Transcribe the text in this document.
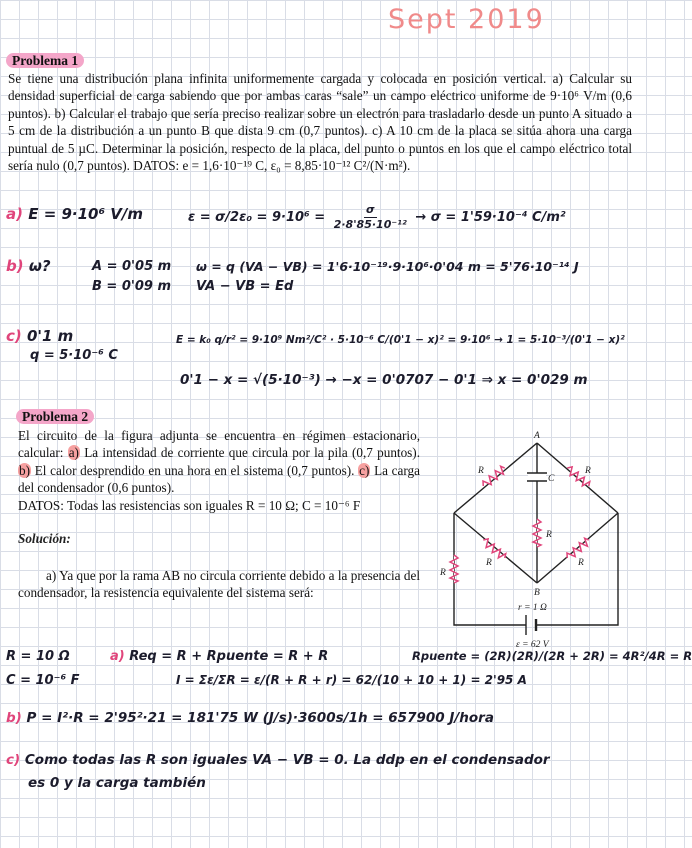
Sept 2019
Problema 1
Se tiene una distribución plana infinita uniformemente cargada y colocada en posición vertical. a) Calcular su densidad superficial de carga sabiendo que por ambas caras “sale” un campo eléctrico uniforme de 9·10⁶ V/m (0,6 puntos). b) Calcular el trabajo que sería preciso realizar sobre un electrón para trasladarlo desde un punto A situado a 5 cm de la distribución a un punto B que dista 9 cm (0,7 puntos). c) A 10 cm de la placa se sitúa ahora una carga puntual de 5 µC. Determinar la posición, respecto de la placa, del punto o puntos en los que el campo eléctrico total sería nulo (0,7 puntos). DATOS: e = 1,6·10⁻¹⁹ C, ε₀ = 8,85·10⁻¹² C²/(N·m²).
a) E = 9·10⁶ V/m	$\varepsilon = \sigma/2\varepsilon_0 = 9\cdot 10^6 = \frac{\sigma}{\text{2·8'85·10⁻¹²}} \to \sigma = 1'59\cdot 10^{-4}$ C/m²
b) ω?	A = 0'05 m
B = 0'09 m
ω = q (VA − VB) = 1'6·10⁻¹⁹·9·10⁶·0'04 m = 5'76·10⁻¹⁴ J
VA − VB = Ed
c) 0'1 m
q = 5·10⁻⁶ C
E = k₀ q/r² = 9·10⁹ Nm²/C² · 5·10⁻⁶ C/(0'1 − x)² = 9·10⁶ → 1 = 5·10⁻³/(0'1 − x)²
0'1 − x = √(5·10⁻³) → −x = 0'0707 − 0'1 ⇒ x = 0'029 m
Problema 2
El circuito de la figura adjunta se encuentra en régimen estacionario, calcular: a) La intensidad de corriente que circula por la pila (0,7 puntos). b) El calor desprendido en una hora en el sistema (0,7 puntos). c) La carga del condensador (0,6 puntos).
DATOS: Todas las resistencias son iguales R = 10 Ω; C = 10⁻⁶ F
Solución:
a) Ya que por la rama AB no circula corriente debido a la presencia del condensador, la resistencia equivalente del sistema será:
A
B
C
R	R
R	R
R
R
r = 1 Ω
ε = 62 V
R = 10 Ω
C = 10⁻⁶ F
a) Req = R + Rpuente = R + R	Rpuente = (2R)(2R)/(2R + 2R) = 4R²/4R = R
I = Σε/ΣR = ε/(R + R + r) = 62/(10 + 10 + 1) = 2'95 A
b) P = I²·R = 2'95²·21 = 181'75 W (J/s)·3600s/1h = 657900 J/hora
c) Como todas las R son iguales VA − VB = 0. La ddp en el condensador
es 0 y la carga también
